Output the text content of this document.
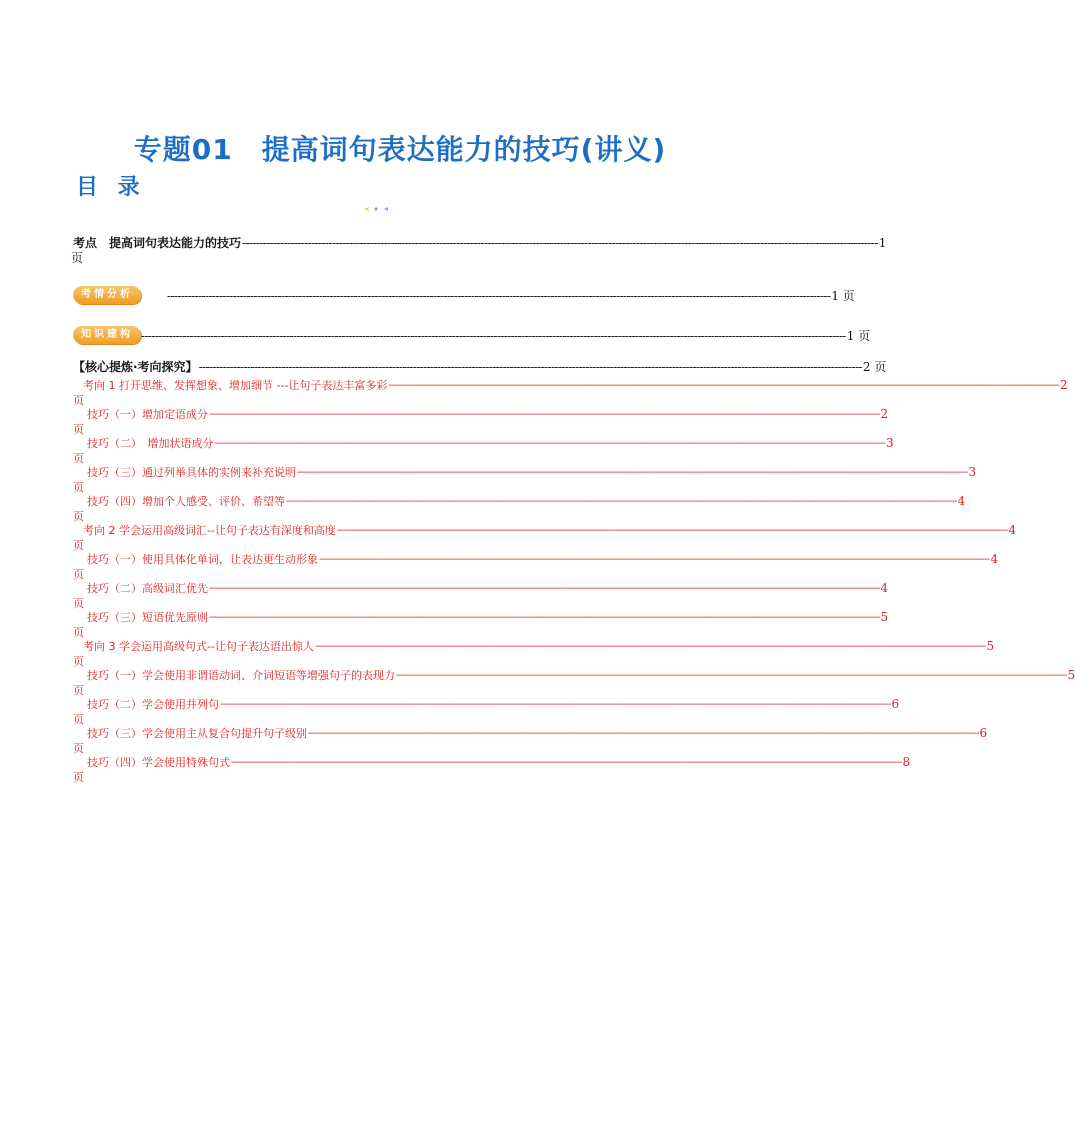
专题01　提高词句表达能力的技巧(讲义)
目 录
考点　提高词句表达能力的技巧 ---------------------------------------------------------------------------------------------------------------------------------------------------------------------------------------- 1
页
考情分析	------------------------------------------------------------------------------------------------------------------------------------------------------------------------------------------------ 1 页
知识建构 ------------------------------------------------------------------------------------------------------------------------------------------------------------------------------------------------------------ 1 页
【核心提炼·考向探究】 ------------------------------------------------------------------------------------------------------------------------------------------------------------------------------------------------ 2 页
考向 1 打开思维、发挥想象、增加细节 ---让句子表达丰富多彩 -------------------------------------------------------------------------------------------------------------------------------------------------------------------------------------------------------------------------------------------------------------------- 2
页
技巧（一）增加定语成分 -------------------------------------------------------------------------------------------------------------------------------------------------------------------------------------------------------------------------------------------------------------------- 2
页
技巧（二）　增加状语成分 -------------------------------------------------------------------------------------------------------------------------------------------------------------------------------------------------------------------------------------------------------------------- 3
页
技巧（三）通过列举具体的实例来补充说明 -------------------------------------------------------------------------------------------------------------------------------------------------------------------------------------------------------------------------------------------------------------------- 3
页
技巧（四）增加个人感受、评价、希望等 -------------------------------------------------------------------------------------------------------------------------------------------------------------------------------------------------------------------------------------------------------------------- 4
页
考向 2 学会运用高级词汇--让句子表达有深度和高度 -------------------------------------------------------------------------------------------------------------------------------------------------------------------------------------------------------------------------------------------------------------------- 4
页
技巧（一）使用具体化单词，让表达更生动形象 -------------------------------------------------------------------------------------------------------------------------------------------------------------------------------------------------------------------------------------------------------------------- 4
页
技巧（二）高级词汇优先 -------------------------------------------------------------------------------------------------------------------------------------------------------------------------------------------------------------------------------------------------------------------- 4
页
技巧（三）短语优先原则 -------------------------------------------------------------------------------------------------------------------------------------------------------------------------------------------------------------------------------------------------------------------- 5
页
考向 3 学会运用高级句式--让句子表达语出惊人 -------------------------------------------------------------------------------------------------------------------------------------------------------------------------------------------------------------------------------------------------------------------- 5
页
技巧（一）学会使用非谓语动词、介词短语等增强句子的表现力 -------------------------------------------------------------------------------------------------------------------------------------------------------------------------------------------------------------------------------------------------------------------- 5
页
技巧（二）学会使用并列句 -------------------------------------------------------------------------------------------------------------------------------------------------------------------------------------------------------------------------------------------------------------------- 6
页
技巧（三）学会使用主从复合句提升句子级别 -------------------------------------------------------------------------------------------------------------------------------------------------------------------------------------------------------------------------------------------------------------------- 6
页
技巧（四）学会使用特殊句式 -------------------------------------------------------------------------------------------------------------------------------------------------------------------------------------------------------------------------------------------------------------------- 8
页
